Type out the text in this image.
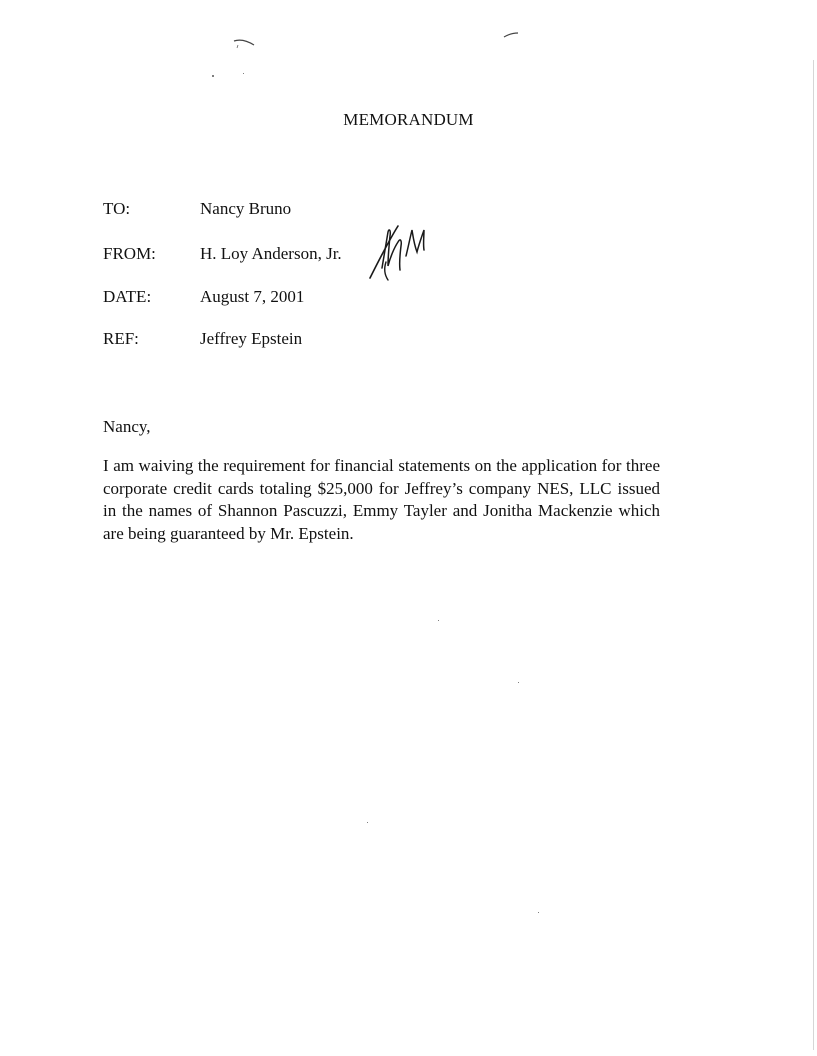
MEMORANDUM
TO:	Nancy Bruno
FROM:	H. Loy Anderson, Jr.
DATE:	August 7, 2001
REF:	Jeffrey Epstein
Nancy,
I am waiving the requirement for financial statements on the application for three corporate credit cards totaling $25,000 for Jeffrey’s company NES, LLC issued in the names of Shannon Pascuzzi, Emmy Tayler and Jonitha Mackenzie which are being guaranteed by Mr. Epstein.
